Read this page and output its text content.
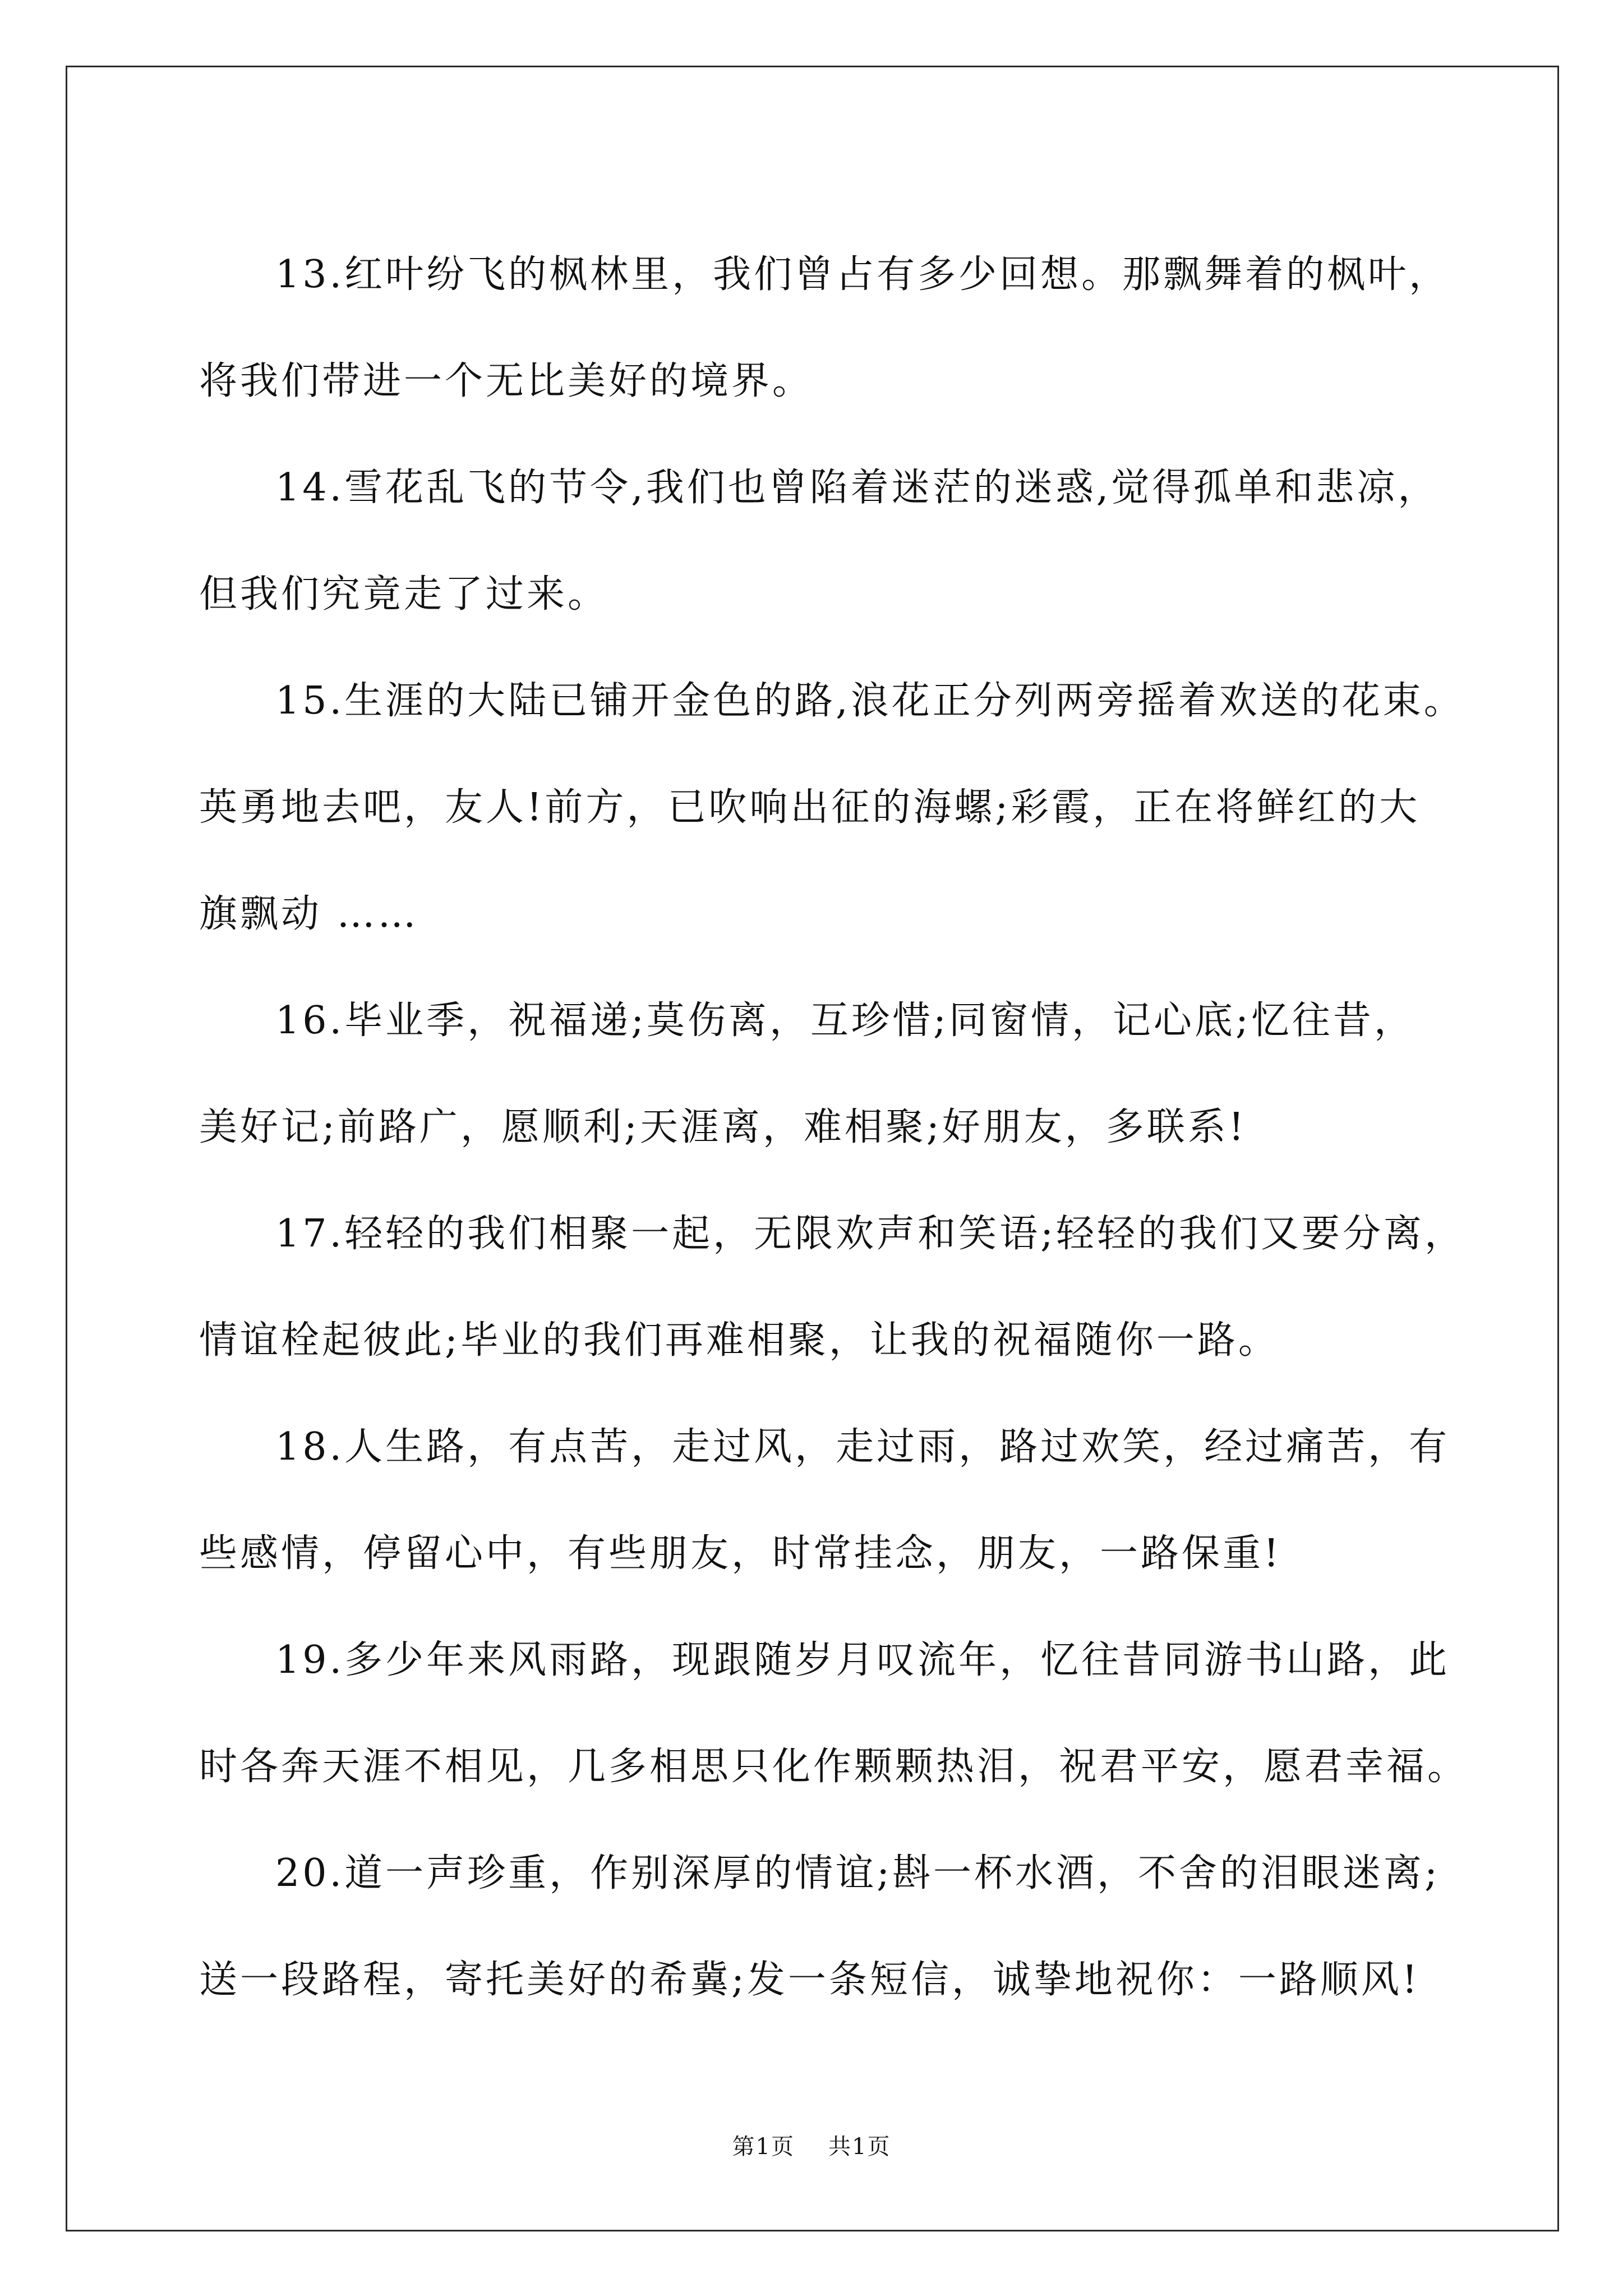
13.红叶纷飞的枫林里，我们曾占有多少回想。那飘舞着的枫叶，
将我们带进一个无比美好的境界。

14.雪花乱飞的节令,我们也曾陷着迷茫的迷惑,觉得孤单和悲凉，
但我们究竟走了过来。

15.生涯的大陆已铺开金色的路,浪花正分列两旁摇着欢送的花束。
英勇地去吧，友人!前方，已吹响出征的海螺;彩霞，正在将鲜红的大
旗飘动 ……

16.毕业季，祝福递;莫伤离，互珍惜;同窗情，记心底;忆往昔，
美好记;前路广，愿顺利;天涯离，难相聚;好朋友，多联系!

17.轻轻的我们相聚一起，无限欢声和笑语;轻轻的我们又要分离，
情谊栓起彼此;毕业的我们再难相聚，让我的祝福随你一路。

18.人生路，有点苦，走过风，走过雨，路过欢笑，经过痛苦，有
些感情，停留心中，有些朋友，时常挂念，朋友，一路保重!

19.多少年来风雨路，现跟随岁月叹流年，忆往昔同游书山路，此
时各奔天涯不相见，几多相思只化作颗颗热泪，祝君平安，愿君幸福。

20.道一声珍重，作别深厚的情谊;斟一杯水酒，不舍的泪眼迷离;
送一段路程，寄托美好的希冀;发一条短信，诚挚地祝你：一路顺风!

第1页 共1页
